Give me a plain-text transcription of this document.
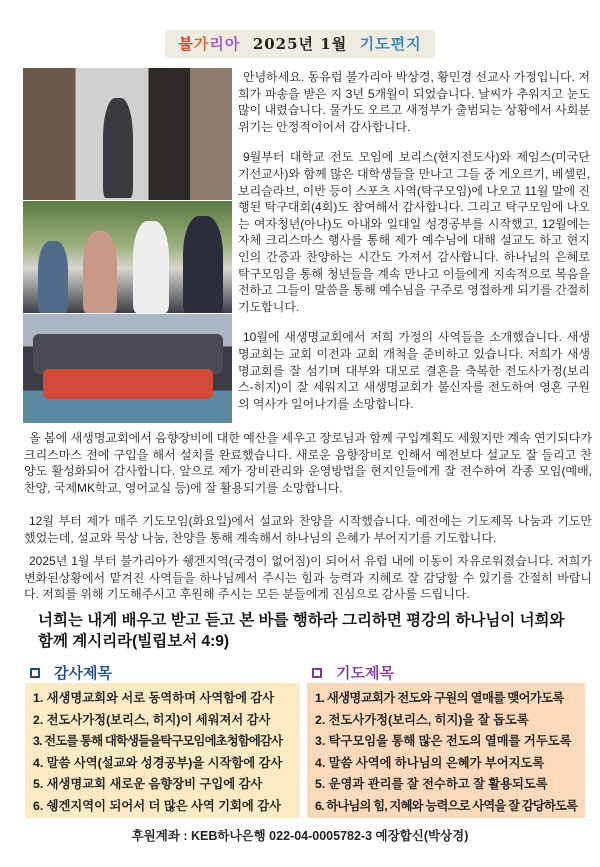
불가리아 2025년 1월 기도편지

안녕하세요. 동유럽 불가리아 박상경, 황민경 선교사 가정입니다. 저희가 파송을 받은 지 3년 5개월이 되었습니다. 날씨가 추워지고 눈도 많이 내렸습니다. 물가도 오르고 새정부가 출범되는 상황에서 사회분위기는 안정적이어서 감사합니다.

9월부터 대학교 전도 모임에 보리스(현지전도사)와 제임스(미국단기선교사)와 함께 많은 대학생들을 만나고 그들 중 게오르기, 베셀린, 보리슬라브, 이반 등이 스포츠 사역(탁구모임)에 나오고 11월 말에 진행된 탁구대회(4회)도 참여해서 감사합니다. 그리고 탁구모임에 나오는 여자청년(아나)도 아내와 일대일 성경공부를 시작했고, 12월에는 자체 크리스마스 행사를 통해 제가 예수님에 대해 설교도 하고 현지인의 간증과 찬양하는 시간도 가져서 감사합니다. 하나님의 은혜로 탁구모임을 통해 청년들을 계속 만나고 이들에게 지속적으로 복음을 전하고 그들이 말씀을 통해 예수님을 구주로 영접하게 되기를 간절히 기도합니다.

10월에 새생명교회에서 저희 가정의 사역들을 소개했습니다. 새생명교회는 교회 이전과 교회 개척을 준비하고 있습니다. 저희가 새생명교회를 잘 섬기며 대부와 대모로 결혼을 축복한 전도사가정(보리스-히지)이 잘 세워지고 새생명교회가 불신자를 전도하여 영혼 구원의 역사가 일어나기를 소망합니다.

올 봄에 새생명교회에서 음향장비에 대한 예산을 세우고 장로님과 함께 구입계획도 세웠지만 계속 연기되다가 크리스마스 전에 구입을 해서 설치를 완료했습니다. 새로운 음향장비로 인해서 예전보다 설교도 잘 들리고 찬양도 활성화되어 감사합니다. 앞으로 제가 장비관리와 운영방법을 현지인들에게 잘 전수하여 각종 모임(예배, 찬양, 국제MK학교, 영어교실 등)에 잘 활용되기를 소망합니다.

12월 부터 제가 매주 기도모임(화요일)에서 설교와 찬양을 시작했습니다. 예전에는 기도제목 나눔과 기도만 했었는데, 설교와 묵상 나눔, 찬양을 통해 계속해서 하나님의 은혜가 부어지기를 기도합니다.

2025년 1월 부터 불가리아가 쉥겐지역(국경이 없어짐)이 되어서 유럽 내에 이동이 자유로워졌습니다. 저희가 변화된상황에서 맡겨진 사역들을 하나님께서 주시는 힘과 능력과 지혜로 잘 감당할 수 있기를 간절히 바랍니다. 저희를 위해 기도해주시고 후원해 주시는 모든 분들에게 진심으로 감사를 드립니다.

너희는 내게 배우고 받고 듣고 본 바를 행하라 그리하면 평강의 하나님이 너희와 함께 계시리라(빌립보서 4:9)
감사제목	기도제목
1. 새생명교회와 서로 동역하며 사역함에 감사
2. 전도사가정(보리스, 히지)이 세워져서 감사
3. 전도를 통해 대학생들을탁구모임에초청함에감사
4. 말씀 사역(설교와 성경공부)을 시작함에 감사
5. 새생명교회 새로운 음향장비 구입에 감사
6. 쉥겐지역이 되어서 더 많은 사역 기회에 감사
1. 새생명교회가 전도와 구원의 열매를 맺어가도록
2. 전도사가정(보리스, 히지)을 잘 돕도록
3. 탁구모임을 통해 많은 전도의 열매를 거두도록
4. 말씀 사역에 하나님의 은혜가 부어지도록
5. 운영과 관리를 잘 전수하고 잘 활용되도록
6. 하나님의 힘, 지혜와 능력으로 사역을 잘 감당하도록
후원계좌 : KEB하나은행 022-04-0005782-3 예장합신(박상경)
